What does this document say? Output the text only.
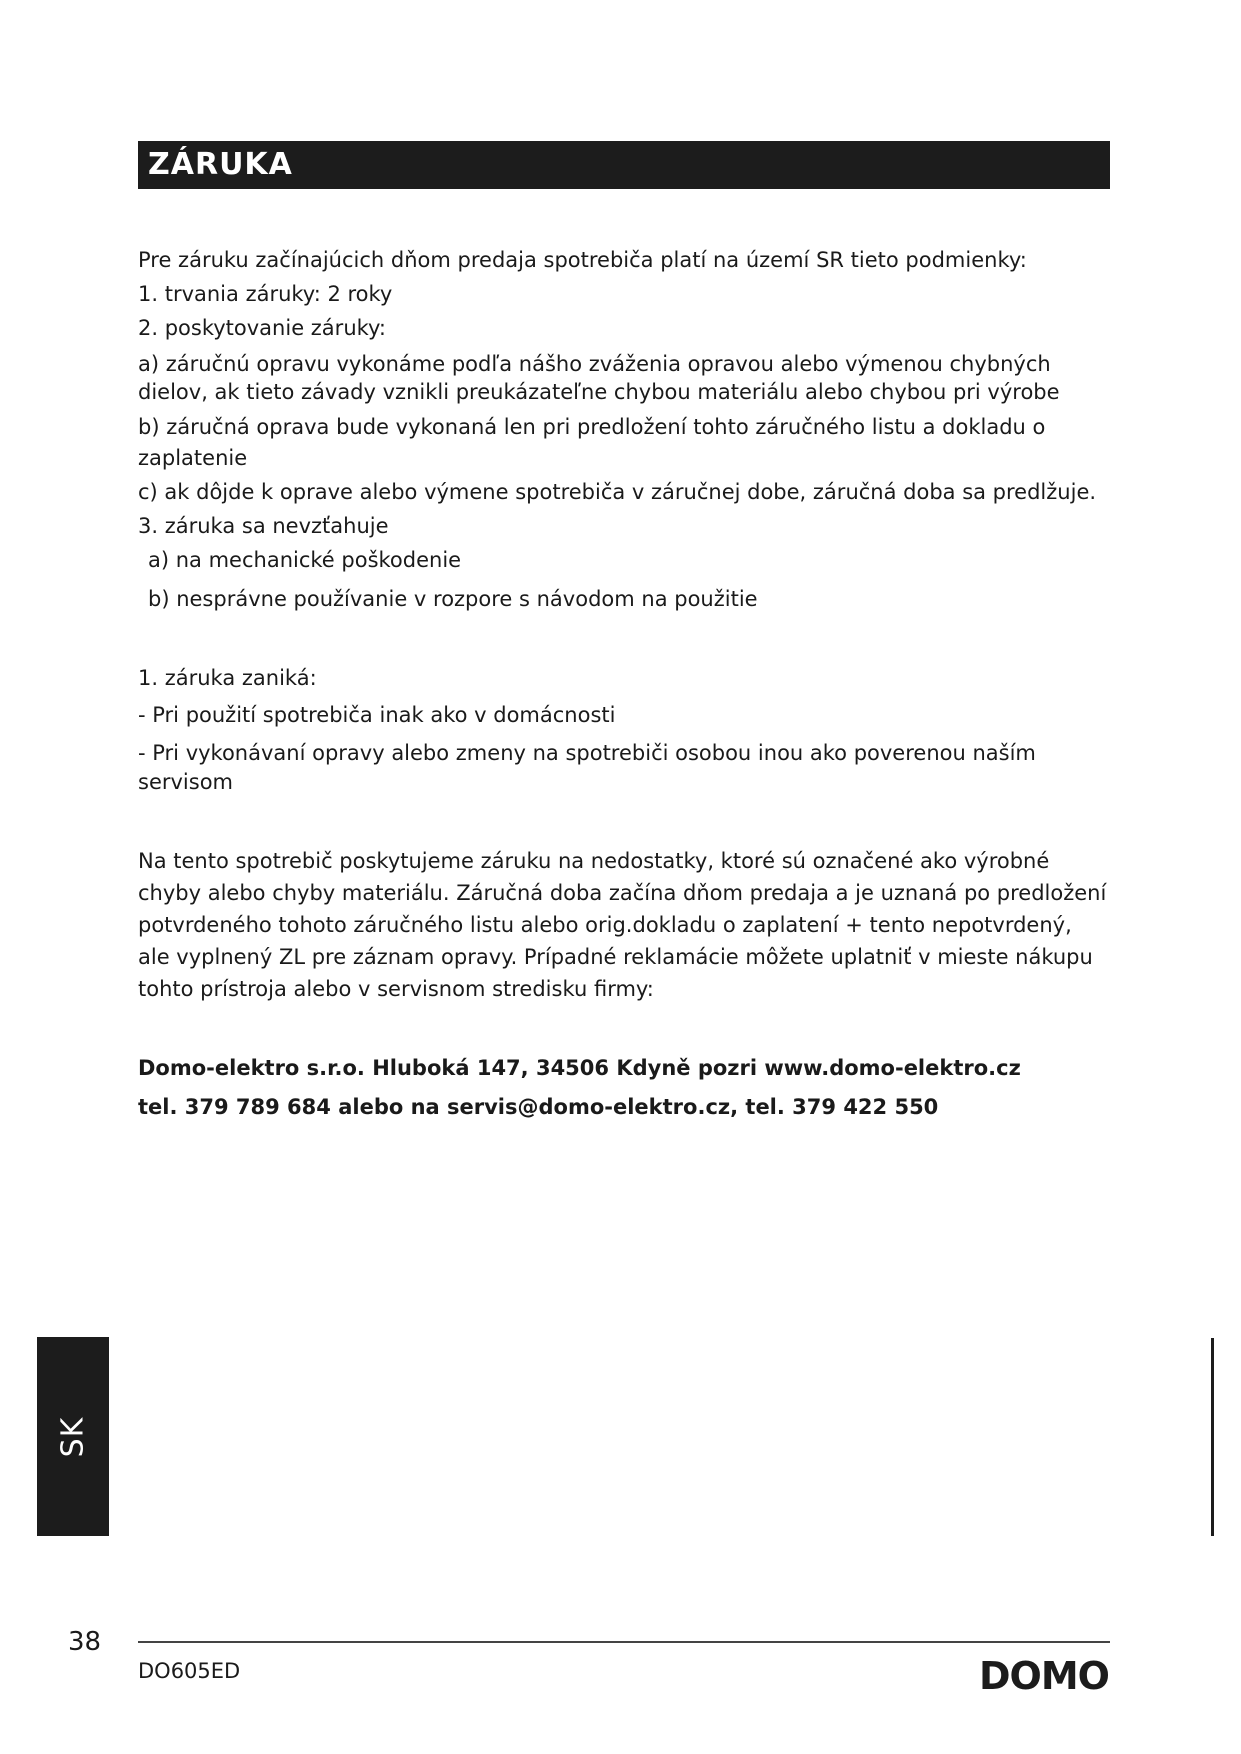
ZÁRUKA

Pre záruku začínajúcich dňom predaja spotrebiča platí na území SR tieto podmienky:

1. trvania záruky: 2 roky

2. poskytovanie záruky:

a) záručnú opravu vykonáme podľa nášho zváženia opravou alebo výmenou chybných dielov, ak tieto závady vznikli preukázateľne chybou materiálu alebo chybou pri výrobe

b) záručná oprava bude vykonaná len pri predložení tohto záručného listu a dokladu o zaplatenie

c) ak dôjde k oprave alebo výmene spotrebiča v záručnej dobe, záručná doba sa predlžuje.

3. záruka sa nevzťahuje

a) na mechanické poškodenie

b) nesprávne používanie v rozpore s návodom na použitie

1. záruka zaniká:

- Pri použití spotrebiča inak ako v domácnosti

- Pri vykonávaní opravy alebo zmeny na spotrebiči osobou inou ako poverenou naším servisom

Na tento spotrebič poskytujeme záruku na nedostatky, ktoré sú označené ako výrobné chyby alebo chyby materiálu. Záručná doba začína dňom predaja a je uznaná po predložení potvrdeného tohoto záručného listu alebo orig.dokladu o zaplatení + tento nepotvrdený, ale vyplnený ZL pre záznam opravy. Prípadné reklamácie môžete uplatniť v mieste nákupu tohto prístroja alebo v servisnom stredisku firmy:

Domo-elektro s.r.o. Hluboká 147, 34506 Kdyně pozri www.domo-elektro.cz

tel. 379 789 684 alebo na servis@domo-elektro.cz, tel. 379 422 550

SK
38
DO605ED	DOMO
